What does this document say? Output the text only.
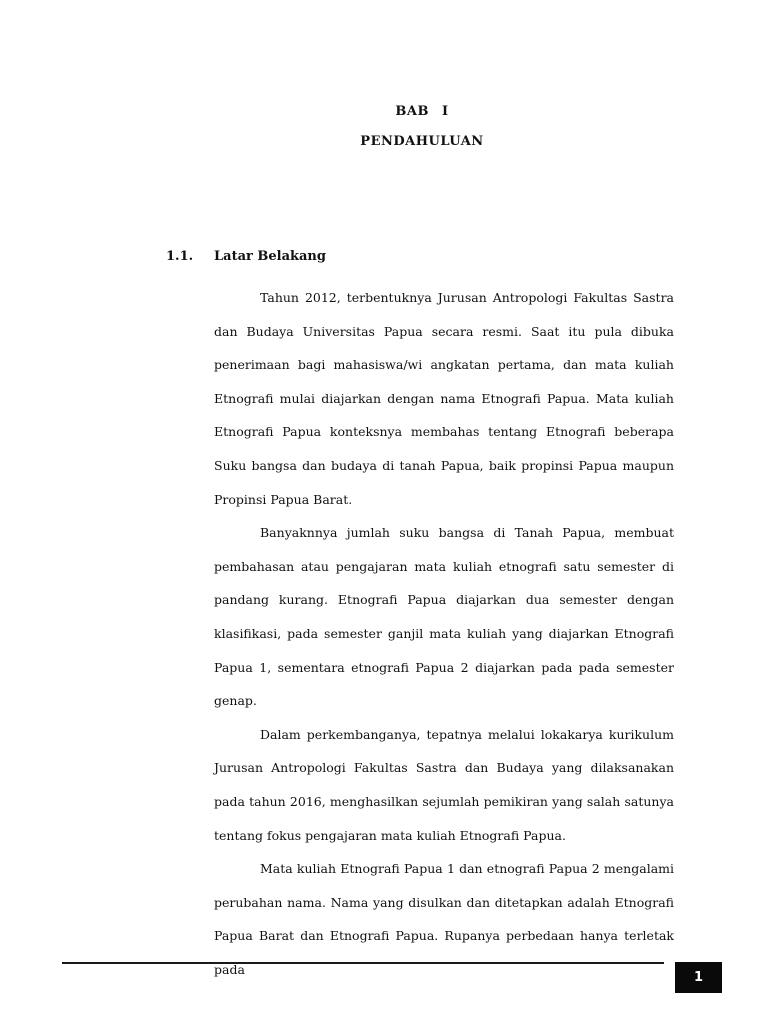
BAB I
PENDAHULUAN
1.1. Latar Belakang

Tahun 2012, terbentuknya Jurusan Antropologi Fakultas Sastra dan Budaya Universitas Papua secara resmi. Saat itu pula dibuka penerimaan bagi mahasiswa/wi angkatan pertama, dan mata kuliah Etnografi mulai diajarkan dengan nama Etnografi Papua. Mata kuliah Etnografi Papua konteksnya membahas tentang Etnografi beberapa Suku bangsa dan budaya di tanah Papua, baik propinsi Papua maupun Propinsi Papua Barat.

Banyaknnya jumlah suku bangsa di Tanah Papua, membuat pembahasan atau pengajaran mata kuliah etnografi satu semester di pandang kurang. Etnografi Papua diajarkan dua semester dengan klasifikasi, pada semester ganjil mata kuliah yang diajarkan Etnografi Papua 1, sementara etnografi Papua 2 diajarkan pada pada semester genap.

Dalam perkembanganya, tepatnya melalui lokakarya kurikulum Jurusan Antropologi Fakultas Sastra dan Budaya yang dilaksanakan pada tahun 2016, menghasilkan sejumlah pemikiran yang salah satunya tentang fokus pengajaran mata kuliah Etnografi Papua.

Mata kuliah Etnografi Papua 1 dan etnografi Papua 2 mengalami perubahan nama. Nama yang disulkan dan ditetapkan adalah Etnografi Papua Barat dan Etnografi Papua. Rupanya perbedaan hanya terletak pada

1
